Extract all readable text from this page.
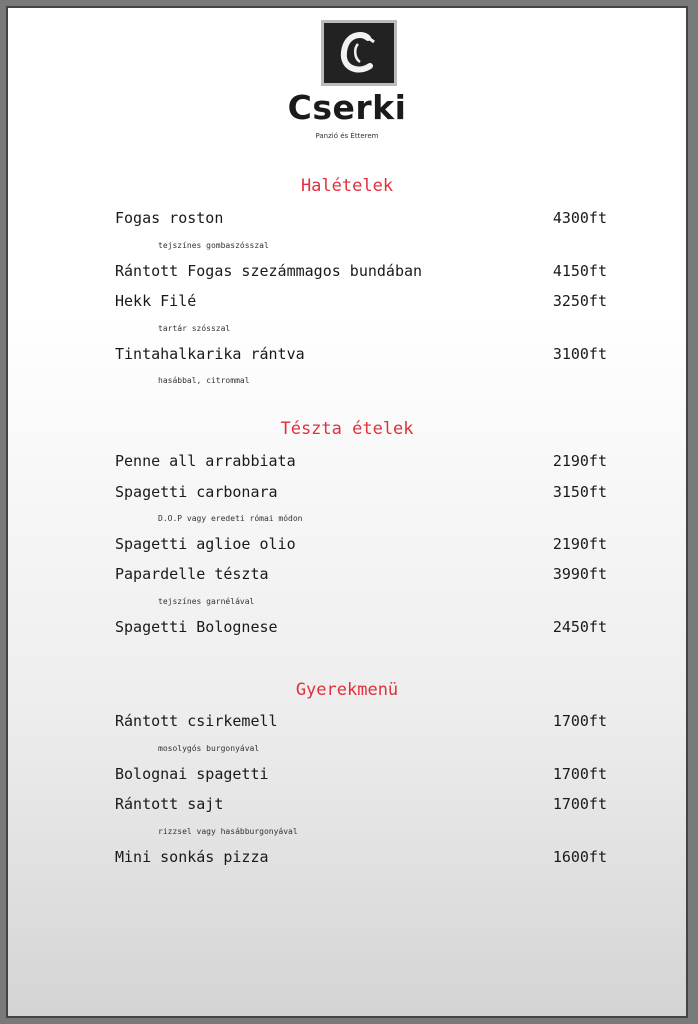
Cserki
Panzió és Étterem
Halételek
Fogas roston	4300ft
tejszínes gombaszósszal
Rántott Fogas szezámmagos bundában	4150ft
Hekk Filé	3250ft
tartár szósszal
Tintahalkarika rántva	3100ft
hasábbal, citrommal
Tészta ételek
Penne all arrabbiata	2190ft
Spagetti carbonara	3150ft
D.O.P vagy eredeti római módon
Spagetti aglioe olio	2190ft
Papardelle tészta	3990ft
tejszínes garnélával
Spagetti Bolognese	2450ft
Gyerekmenü
Rántott csirkemell	1700ft
mosolygós burgonyával
Bolognai spagetti	1700ft
Rántott sajt	1700ft
rizzsel vagy hasábburgonyával
Mini sonkás pizza	1600ft
